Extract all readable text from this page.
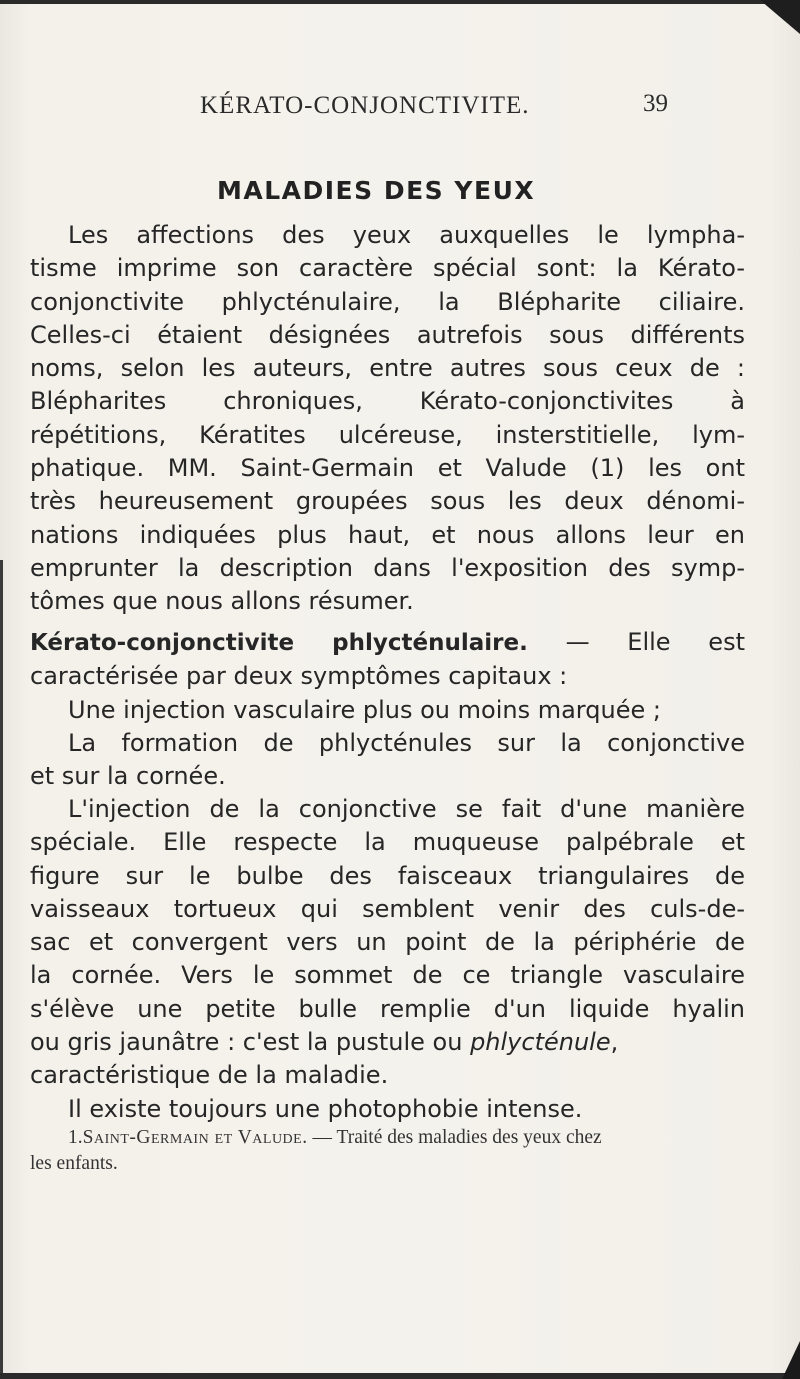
KÉRATO-CONJONCTIVITE.	39
MALADIES DES YEUX
Les affections des yeux auxquelles le lympha-
tisme imprime son caractère spécial sont: la Kérato-
conjonctivite phlycténulaire, la Blépharite ciliaire.
Celles-ci étaient désignées autrefois sous différents
noms, selon les auteurs, entre autres sous ceux de :
Blépharites chroniques, Kérato-conjonctivites à
répétitions, Kératites ulcéreuse, insterstitielle, lym-
phatique. MM. Saint-Germain et Valude (1) les ont
très heureusement groupées sous les deux dénomi-
nations indiquées plus haut, et nous allons leur en
emprunter la description dans l'exposition des symp-
tômes que nous allons résumer.
Kérato-conjonctivite phlycténulaire. — Elle est
caractérisée par deux symptômes capitaux :
Une injection vasculaire plus ou moins marquée ;
La formation de phlycténules sur la conjonctive
et sur la cornée.
L'injection de la conjonctive se fait d'une manière
spéciale. Elle respecte la muqueuse palpébrale et
figure sur le bulbe des faisceaux triangulaires de
vaisseaux tortueux qui semblent venir des culs-de-
sac et convergent vers un point de la périphérie de
la cornée. Vers le sommet de ce triangle vasculaire
s'élève une petite bulle remplie d'un liquide hyalin
ou gris jaunâtre : c'est la pustule ou phlycténule,
caractéristique de la maladie.
Il existe toujours une photophobie intense.
1.Saint-Germain et Valude. — Traité des maladies des yeux chez
les enfants.
